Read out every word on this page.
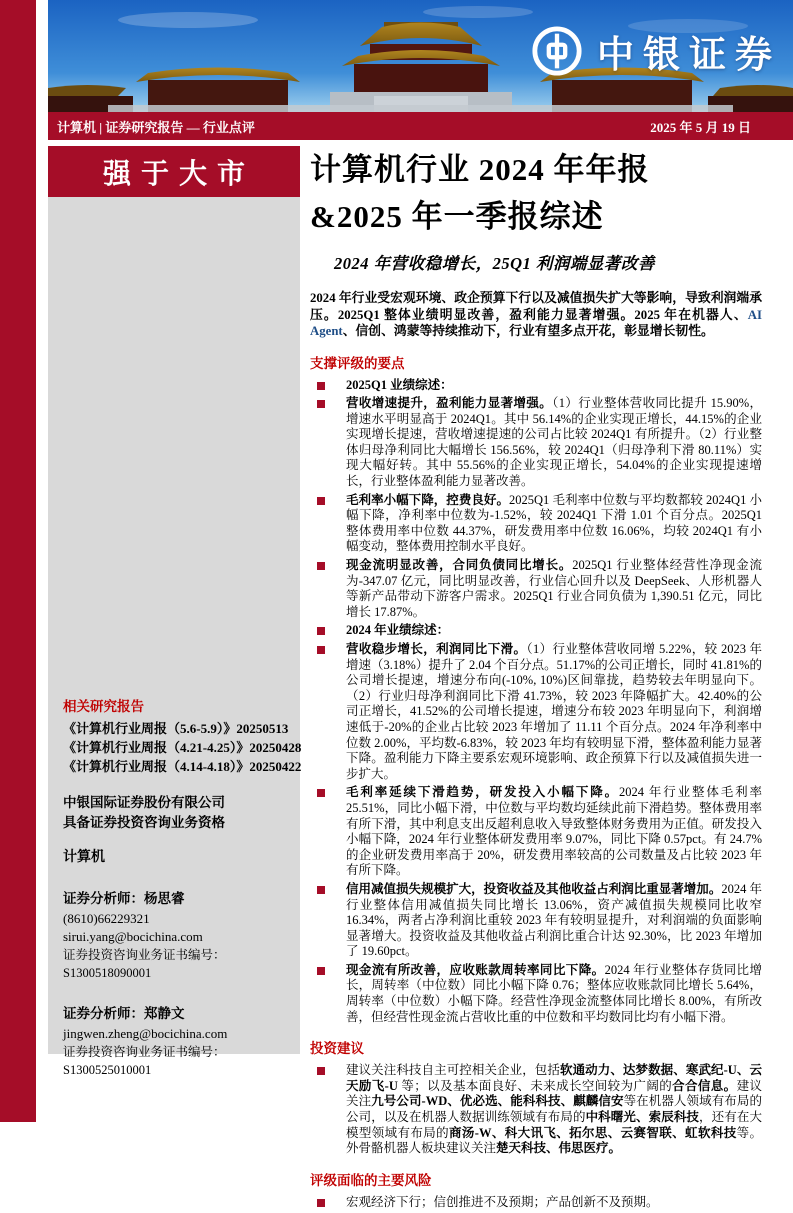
中银证券
计算机 | 证券研究报告 — 行业点评	2025 年 5 月 19 日
强于大市
相关研究报告
《计算机行业周报（5.6-5.9）》20250513
《计算机行业周报（4.21-4.25）》20250428
《计算机行业周报（4.14-4.18）》20250422
中银国际证券股份有限公司
具备证券投资咨询业务资格
计算机
证券分析师：杨思睿
(8610)66229321
sirui.yang@bocichina.com
证券投资咨询业务证书编号：S1300518090001
证券分析师：郑静文
jingwen.zheng@bocichina.com
证券投资咨询业务证书编号：S1300525010001
计算机行业 2024 年年报
&2025 年一季报综述
2024 年营收稳增长，25Q1 利润端显著改善
2024 年行业受宏观环境、政企预算下行以及减值损失扩大等影响，导致利润端承压。2025Q1 整体业绩明显改善，盈利能力显著增强。2025 年在机器人、AI Agent、信创、鸿蒙等持续推动下，行业有望多点开花，彰显增长韧性。
支撑评级的要点
2025Q1 业绩综述：
营收增速提升，盈利能力显著增强。（1）行业整体营收同比提升 15.90%，增速水平明显高于 2024Q1。其中 56.14%的企业实现正增长，44.15%的企业实现增长提速，营收增速提速的公司占比较 2024Q1 有所提升。（2）行业整体归母净利同比大幅增长 156.56%，较 2024Q1（归母净利下滑 80.11%）实现大幅好转。其中 55.56%的企业实现正增长，54.04%的企业实现提速增长，行业整体盈利能力显著改善。
毛利率小幅下降，控费良好。2025Q1 毛利率中位数与平均数都较 2024Q1 小幅下降，净利率中位数为-1.52%，较 2024Q1 下滑 1.01 个百分点。2025Q1 整体费用率中位数 44.37%，研发费用率中位数 16.06%，均较 2024Q1 有小幅变动，整体费用控制水平良好。
现金流明显改善，合同负债同比增长。2025Q1 行业整体经营性净现金流为-347.07 亿元，同比明显改善，行业信心回升以及 DeepSeek、人形机器人等新产品带动下游客户需求。2025Q1 行业合同负债为 1,390.51 亿元，同比增长 17.87%。
2024 年业绩综述：
营收稳步增长，利润同比下滑。（1）行业整体营收同增 5.22%，较 2023 年增速（3.18%）提升了 2.04 个百分点。51.17%的公司正增长，同时 41.81%的公司增长提速，增速分布向(-10%, 10%)区间靠拢，趋势较去年明显向下。（2）行业归母净利润同比下滑 41.73%，较 2023 年降幅扩大。42.40%的公司正增长，41.52%的公司增长提速，增速分布较 2023 年明显向下，利润增速低于-20%的企业占比较 2023 年增加了 11.11 个百分点。2024 年净利率中位数 2.00%，平均数-6.83%，较 2023 年均有较明显下滑，整体盈利能力显著下降。盈利能力下降主要系宏观环境影响、政企预算下行以及减值损失进一步扩大。
毛利率延续下滑趋势，研发投入小幅下降。2024 年行业整体毛利率 25.51%，同比小幅下滑，中位数与平均数均延续此前下滑趋势。整体费用率有所下滑，其中利息支出反超利息收入导致整体财务费用为正值。研发投入小幅下降，2024 年行业整体研发费用率 9.07%，同比下降 0.57pct。有 24.7%的企业研发费用率高于 20%，研发费用率较高的公司数量及占比较 2023 年有所下降。
信用减值损失规模扩大，投资收益及其他收益占利润比重显著增加。2024 年行业整体信用减值损失同比增长 13.06%，资产减值损失规模同比收窄 16.34%，两者占净利润比重较 2023 年有较明显提升，对利润端的负面影响显著增大。投资收益及其他收益占利润比重合计达 92.30%，比 2023 年增加了 19.60pct。
现金流有所改善，应收账款周转率同比下降。2024 年行业整体存货同比增长，周转率（中位数）同比小幅下降 0.76；整体应收账款同比增长 5.64%，周转率（中位数）小幅下降。经营性净现金流整体同比增长 8.00%，有所改善，但经营性现金流占营收比重的中位数和平均数同比均有小幅下滑。
投资建议
建议关注科技自主可控相关企业，包括软通动力、达梦数据、寒武纪-U、云天励飞-U 等；以及基本面良好、未来成长空间较为广阔的合合信息。建议关注九号公司-WD、优必选、能科科技、麒麟信安等在机器人领域有布局的公司，以及在机器人数据训练领域有布局的中科曙光、索辰科技，还有在大模型领域有布局的商汤-W、科大讯飞、拓尔思、云赛智联、虹软科技等。外骨骼机器人板块建议关注楚天科技、伟思医疗。
评级面临的主要风险
宏观经济下行；信创推进不及预期；产品创新不及预期。
